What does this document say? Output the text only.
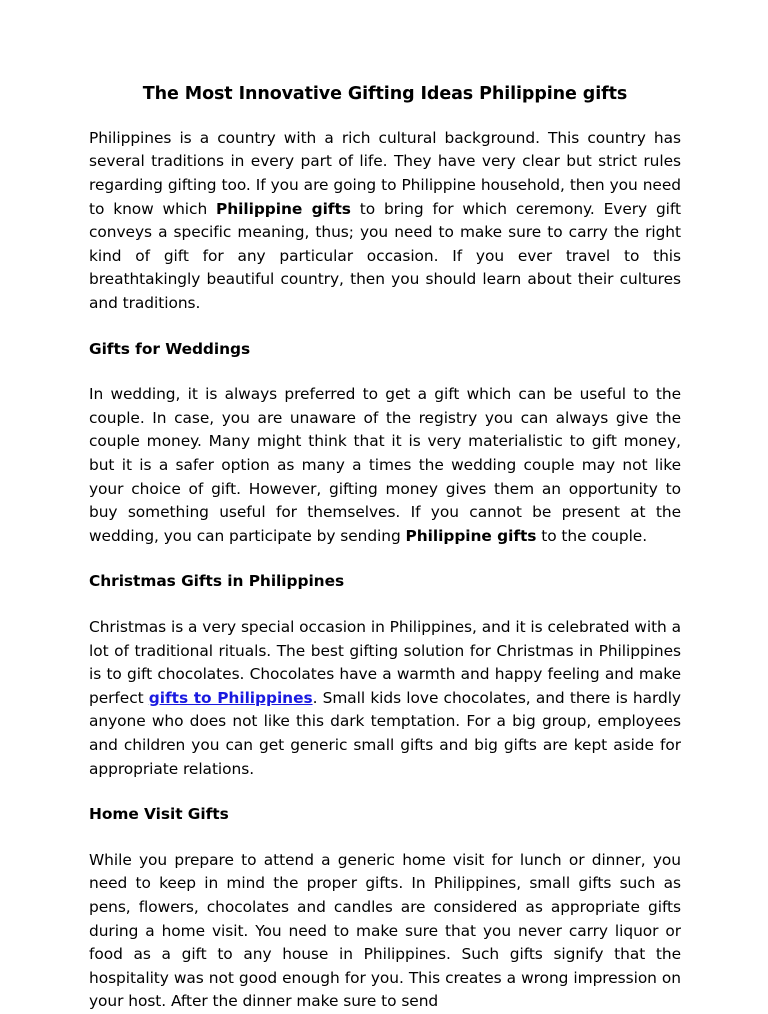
The Most Innovative Gifting Ideas Philippine gifts

Philippines is a country with a rich cultural background. This country has several traditions in every part of life. They have very clear but strict rules regarding gifting too. If you are going to Philippine household, then you need to know which Philippine gifts to bring for which ceremony. Every gift conveys a specific meaning, thus; you need to make sure to carry the right kind of gift for any particular occasion. If you ever travel to this breathtakingly beautiful country, then you should learn about their cultures and traditions.

Gifts for Weddings

In wedding, it is always preferred to get a gift which can be useful to the couple. In case, you are unaware of the registry you can always give the couple money. Many might think that it is very materialistic to gift money, but it is a safer option as many a times the wedding couple may not like your choice of gift. However, gifting money gives them an opportunity to buy something useful for themselves. If you cannot be present at the wedding, you can participate by sending Philippine gifts to the couple.

Christmas Gifts in Philippines

Christmas is a very special occasion in Philippines, and it is celebrated with a lot of traditional rituals. The best gifting solution for Christmas in Philippines is to gift chocolates. Chocolates have a warmth and happy feeling and make perfect gifts to Philippines. Small kids love chocolates, and there is hardly anyone who does not like this dark temptation. For a big group, employees and children you can get generic small gifts and big gifts are kept aside for appropriate relations.

Home Visit Gifts

While you prepare to attend a generic home visit for lunch or dinner, you need to keep in mind the proper gifts. In Philippines, small gifts such as pens, flowers, chocolates and candles are considered as appropriate gifts during a home visit. You need to make sure that you never carry liquor or food as a gift to any house in Philippines. Such gifts signify that the hospitality was not good enough for you. This creates a wrong impression on your host. After the dinner make sure to send
